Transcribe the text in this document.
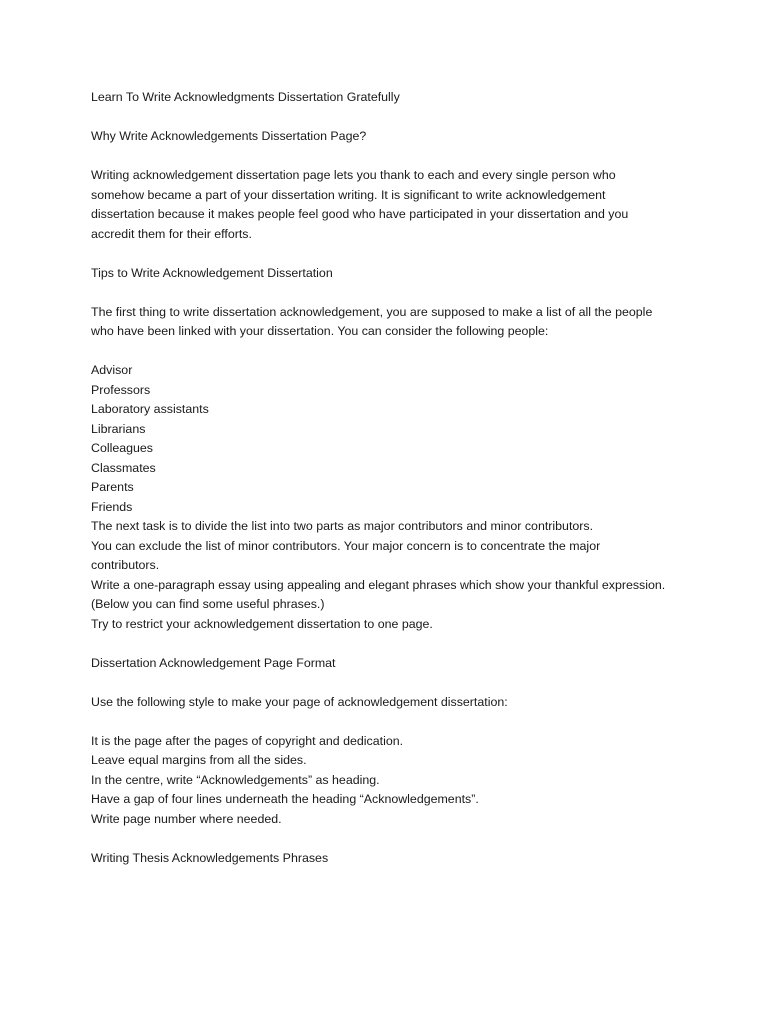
Learn To Write Acknowledgments Dissertation Gratefully

Why Write Acknowledgements Dissertation Page?

Writing acknowledgement dissertation page lets you thank to each and every single person who
somehow became a part of your dissertation writing. It is significant to write acknowledgement
dissertation because it makes people feel good who have participated in your dissertation and you
accredit them for their efforts.

Tips to Write Acknowledgement Dissertation

The first thing to write dissertation acknowledgement, you are supposed to make a list of all the people
who have been linked with your dissertation. You can consider the following people:

Advisor
Professors
Laboratory assistants
Librarians
Colleagues
Classmates
Parents
Friends

The next task is to divide the list into two parts as major contributors and minor contributors.
You can exclude the list of minor contributors. Your major concern is to concentrate the major
contributors.
Write a one-paragraph essay using appealing and elegant phrases which show your thankful expression.
(Below you can find some useful phrases.)
Try to restrict your acknowledgement dissertation to one page.

Dissertation Acknowledgement Page Format

Use the following style to make your page of acknowledgement dissertation:

It is the page after the pages of copyright and dedication.
Leave equal margins from all the sides.
In the centre, write “Acknowledgements” as heading.
Have a gap of four lines underneath the heading “Acknowledgements”.
Write page number where needed.

Writing Thesis Acknowledgements Phrases
